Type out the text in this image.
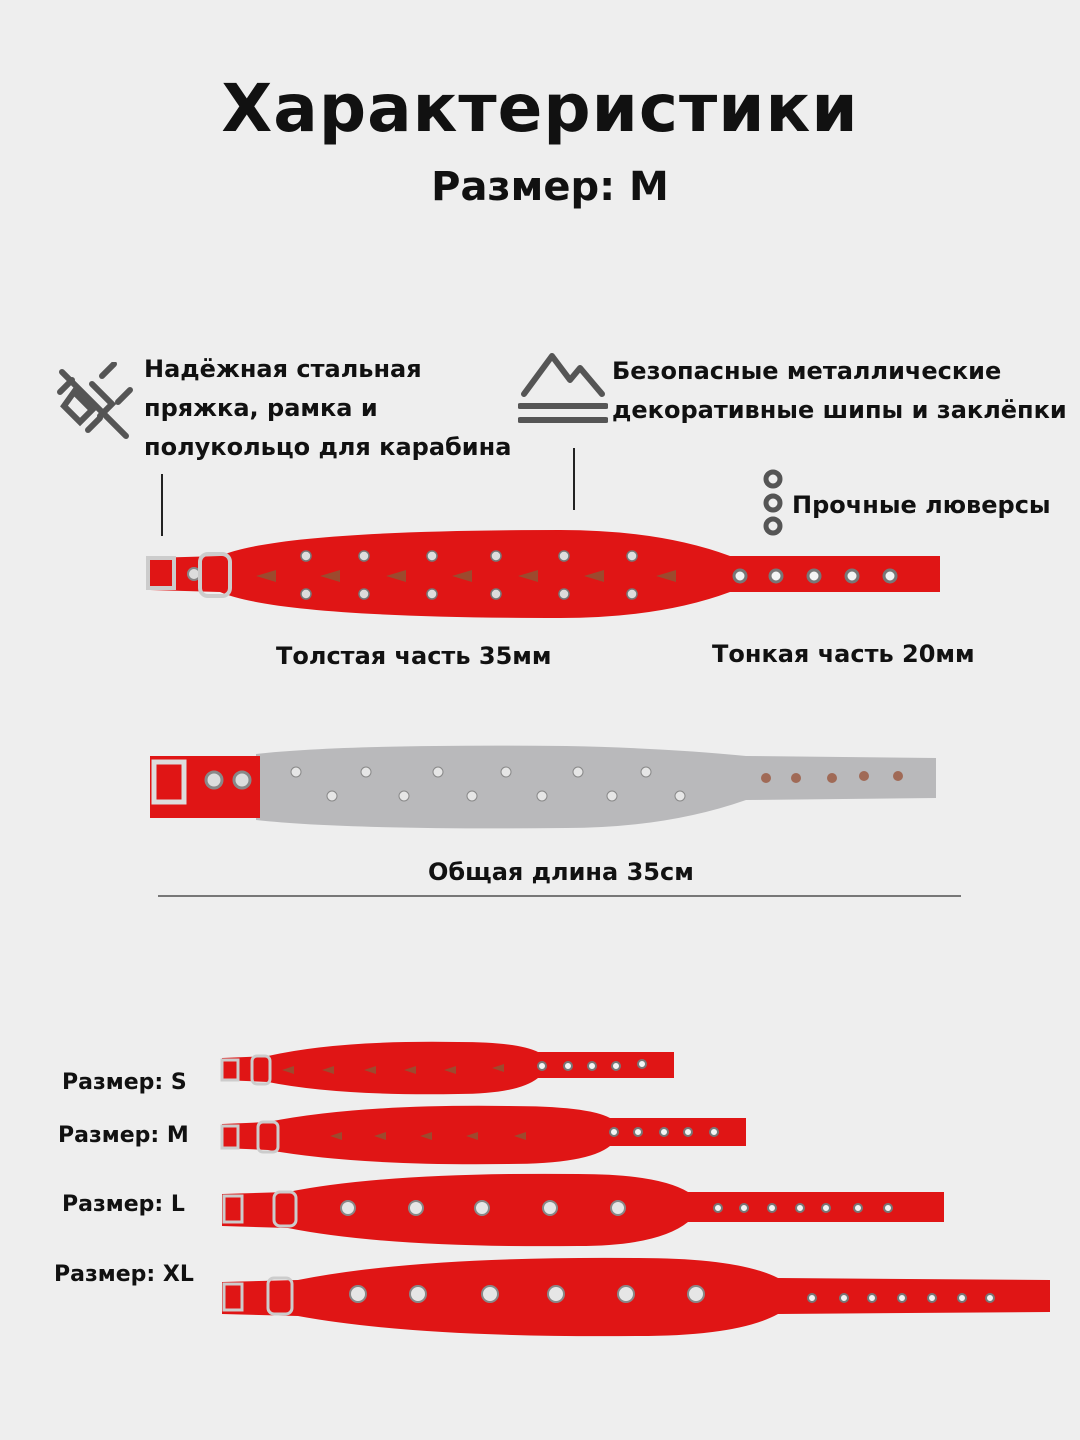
Характеристики
Размер: М
Надёжная стальная
пряжка, рамка и
полукольцо для карабина
Безопасные металлические
декоративные шипы и заклёпки
Прочные люверсы
Толстая часть 35мм	Тонкая часть 20мм
Общая длина 35см
Размер: S
Размер: M
Размер: L
Размер: XL
